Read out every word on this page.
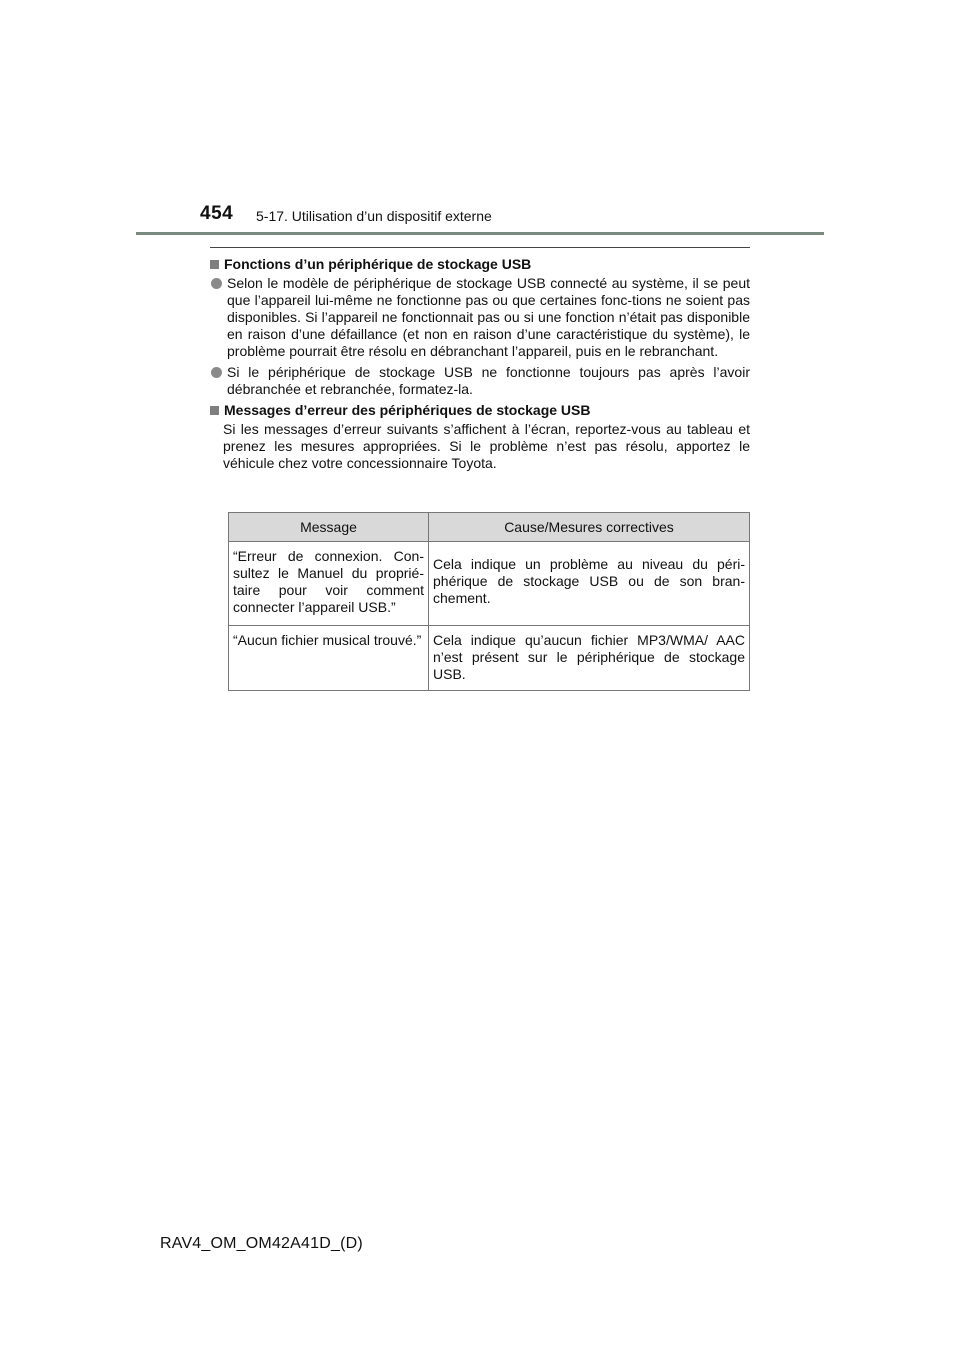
454 5-17. Utilisation d’un dispositif externe
Fonctions d’un périphérique de stockage USB
Selon le modèle de périphérique de stockage USB connecté au système, il se peut que l’appareil lui-même ne fonctionne pas ou que certaines fonc-tions ne soient pas disponibles. Si l’appareil ne fonctionnait pas ou si une fonction n’était pas disponible en raison d’une défaillance (et non en raison d’une caractéristique du système), le problème pourrait être résolu en débranchant l’appareil, puis en le rebranchant.
Si le périphérique de stockage USB ne fonctionne toujours pas après l’avoir débranchée et rebranchée, formatez-la.
Messages d’erreur des périphériques de stockage USB
Si les messages d’erreur suivants s’affichent à l’écran, reportez-vous au tableau et prenez les mesures appropriées. Si le problème n’est pas résolu, apportez le véhicule chez votre concessionnaire Toyota.
Message	Cause/Mesures correctives
“Erreur de connexion. Con-sultez le Manuel du proprié-taire pour voir comment connecter l’appareil USB.”	Cela indique un problème au niveau du péri-phérique de stockage USB ou de son bran-chement.
“Aucun fichier musical trouvé.”	Cela indique qu’aucun fichier MP3/WMA/ AAC n’est présent sur le périphérique de stockage USB.
RAV4_OM_OM42A41D_(D)
